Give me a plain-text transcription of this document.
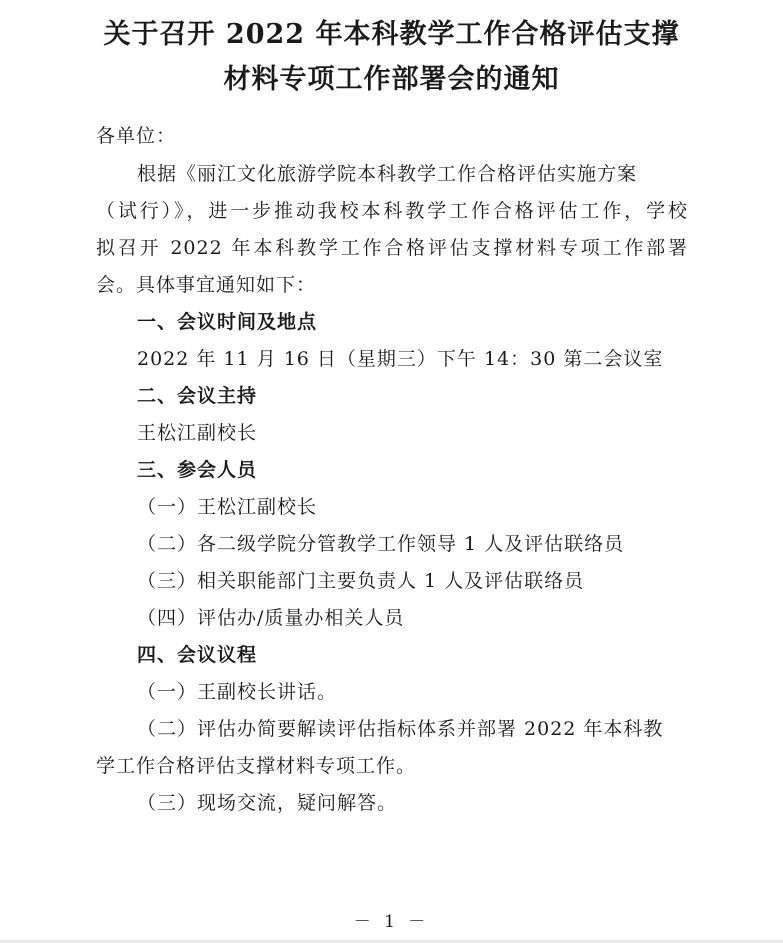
关于召开 2022 年本科教学工作合格评估支撑
材料专项工作部署会的通知

各单位：

根据《丽江文化旅游学院本科教学工作合格评估实施方案

（试行）》，进一步推动我校本科教学工作合格评估工作，学校

拟召开 2022 年本科教学工作合格评估支撑材料专项工作部署

会。具体事宜通知如下：

一、会议时间及地点

2022 年 11 月 16 日（星期三）下午 14：30 第二会议室

二、会议主持

王松江副校长

三、参会人员

（一）王松江副校长

（二）各二级学院分管教学工作领导 1 人及评估联络员

（三）相关职能部门主要负责人 1 人及评估联络员

（四）评估办/质量办相关人员

四、会议议程

（一）王副校长讲话。

（二）评估办简要解读评估指标体系并部署 2022 年本科教

学工作合格评估支撑材料专项工作。

（三）现场交流，疑问解答。

－ 1 －
